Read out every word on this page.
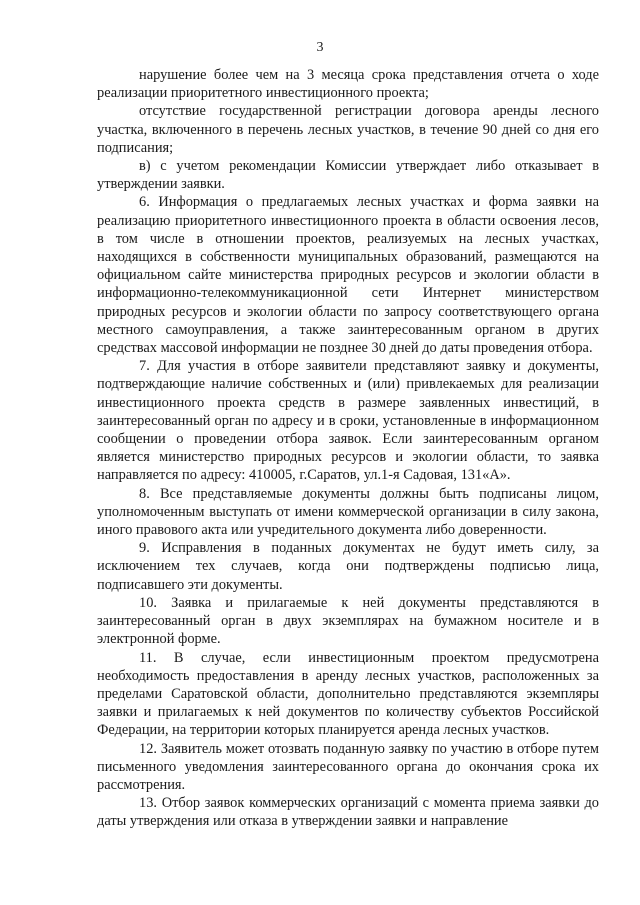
3

нарушение более чем на 3 месяца срока представления отчета о ходе реализации приоритетного инвестиционного проекта;

отсутствие государственной регистрации договора аренды лесного участка, включенного в перечень лесных участков, в течение 90 дней со дня его подписания;

в) с учетом рекомендации Комиссии утверждает либо отказывает в утверждении заявки.

6. Информация о предлагаемых лесных участках и форма заявки на реализацию приоритетного инвестиционного проекта в области освоения лесов, в том числе в отношении проектов, реализуемых на лесных участках, находящихся в собственности муниципальных образований, размещаются на официальном сайте министерства природных ресурсов и экологии области в информационно-телекоммуникационной сети Интернет министерством природных ресурсов и экологии области по запросу соответствующего органа местного самоуправления, а также заинтересованным органом в других средствах массовой информации не позднее 30 дней до даты проведения отбора.

7. Для участия в отборе заявители представляют заявку и документы, подтверждающие наличие собственных и (или) привлекаемых для реализации инвестиционного проекта средств в размере заявленных инвестиций, в заинтересованный орган по адресу и в сроки, установленные в информационном сообщении о проведении отбора заявок. Если заинтересованным органом является министерство природных ресурсов и экологии области, то заявка направляется по адресу: 410005, г.Саратов, ул.1-я Садовая, 131«А».

8. Все представляемые документы должны быть подписаны лицом, уполномоченным выступать от имени коммерческой организации в силу закона, иного правового акта или учредительного документа либо доверенности.

9. Исправления в поданных документах не будут иметь силу, за исключением тех случаев, когда они подтверждены подписью лица, подписавшего эти документы.

10. Заявка и прилагаемые к ней документы представляются в заинтересованный орган в двух экземплярах на бумажном носителе и в электронной форме.

11. В случае, если инвестиционным проектом предусмотрена необходимость предоставления в аренду лесных участков, расположенных за пределами Саратовской области, дополнительно представляются экземпляры заявки и прилагаемых к ней документов по количеству субъектов Российской Федерации, на территории которых планируется аренда лесных участков.

12. Заявитель может отозвать поданную заявку по участию в отборе путем письменного уведомления заинтересованного органа до окончания срока их рассмотрения.

13. Отбор заявок коммерческих организаций с момента приема заявки до даты утверждения или отказа в утверждении заявки и направление
